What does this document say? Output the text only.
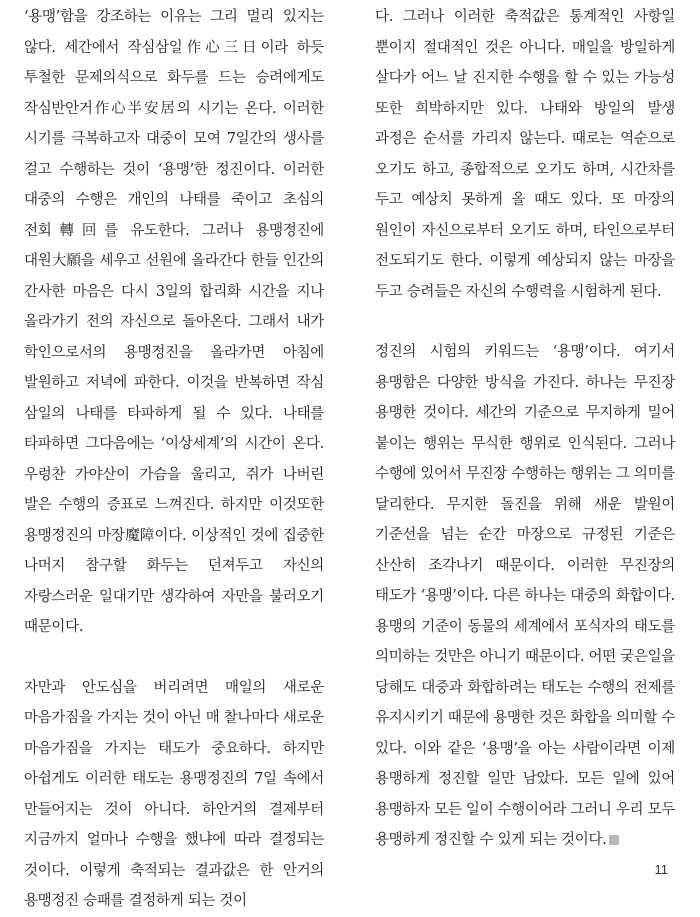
‘용맹’함을 강조하는 이유는 그리 멀리 있지는 않다. 세간에서 작심삼일作心三日이라 하듯 투철한 문제의식으로 화두를 드는 승려에게도 작심반안거作心半安居의 시기는 온다. 이러한 시기를 극복하고자 대중이 모여 7일간의 생사를 걸고 수행하는 것이 ‘용맹’한 정진이다. 이러한 대중의 수행은 개인의 나태를 죽이고 초심의 전회轉回를 유도한다. 그러나 용맹정진에 대원大願을 세우고 선원에 올라간다 한들 인간의 간사한 마음은 다시 3일의 합리화 시간을 지나 올라가기 전의 자신으로 돌아온다. 그래서 내가 학인으로서의 용맹정진을 올라가면 아침에 발원하고 저녁에 파한다. 이것을 반복하면 작심 삼일의 나태를 타파하게 될 수 있다. 나태를 타파하면 그다음에는 ‘이상세계’의 시간이 온다. 우렁찬 가야산이 가슴을 울리고, 쥐가 나버린 발은 수행의 증표로 느껴진다. 하지만 이것또한 용맹정진의 마장魔障이다. 이상적인 것에 집중한 나머지 참구할 화두는 던져두고 자신의 자랑스러운 일대기만 생각하여 자만을 불러오기 때문이다.

자만과 안도심을 버리려면 매일의 새로운 마음가짐을 가지는 것이 아닌 매 찰나마다 새로운 마음가짐을 가지는 태도가 중요하다. 하지만 아쉽게도 이러한 태도는 용맹정진의 7일 속에서 만들어지는 것이 아니다. 하안거의 결제부터 지금까지 얼마나 수행을 했냐에 따라 결정되는 것이다. 이렇게 축적되는 결과값은 한 안거의 용맹정진 승패를 결정하게 되는 것이

다. 그러나 이러한 축적값은 통계적인 사항일 뿐이지 절대적인 것은 아니다. 매일을 방일하게 살다가 어느 날 진지한 수행을 할 수 있는 가능성 또한 희박하지만 있다. 나태와 방일의 발생 과정은 순서를 가리지 않는다. 때로는 역순으로 오기도 하고, 종합적으로 오기도 하며, 시간차를 두고 예상치 못하게 올 때도 있다. 또 마장의 원인이 자신으로부터 오기도 하며, 타인으로부터 전도되기도 한다. 이렇게 예상되지 않는 마장을 두고 승려들은 자신의 수행력을 시험하게 된다.

정진의 시험의 키워드는 ‘용맹’이다. 여기서 용맹함은 다양한 방식을 가진다. 하나는 무진장 용맹한 것이다. 세간의 기준으로 무지하게 밀어 붙이는 행위는 무식한 행위로 인식된다. 그러나 수행에 있어서 무진장 수행하는 행위는 그 의미를 달리한다. 무지한 돌진을 위해 새운 발원이 기준선을 넘는 순간 마장으로 규정된 기준은 산산히 조각나기 때문이다. 이러한 무진장의 태도가 ‘용맹’이다. 다른 하나는 대중의 화합이다. 용맹의 기준이 동물의 세계에서 포식자의 태도를 의미하는 것만은 아니기 때문이다. 어떤 궂은일을 당해도 대중과 화합하려는 태도는 수행의 전제를 유지시키기 때문에 용맹한 것은 화합을 의미할 수 있다. 이와 같은 ‘용맹’을 아는 사람이라면 이제 용맹하게 정진할 일만 남았다. 모든 일에 있어 용맹하자 모든 일이 수행이어라 그러니 우리 모두 용맹하게 정진할 수 있게 되는 것이다.

11
